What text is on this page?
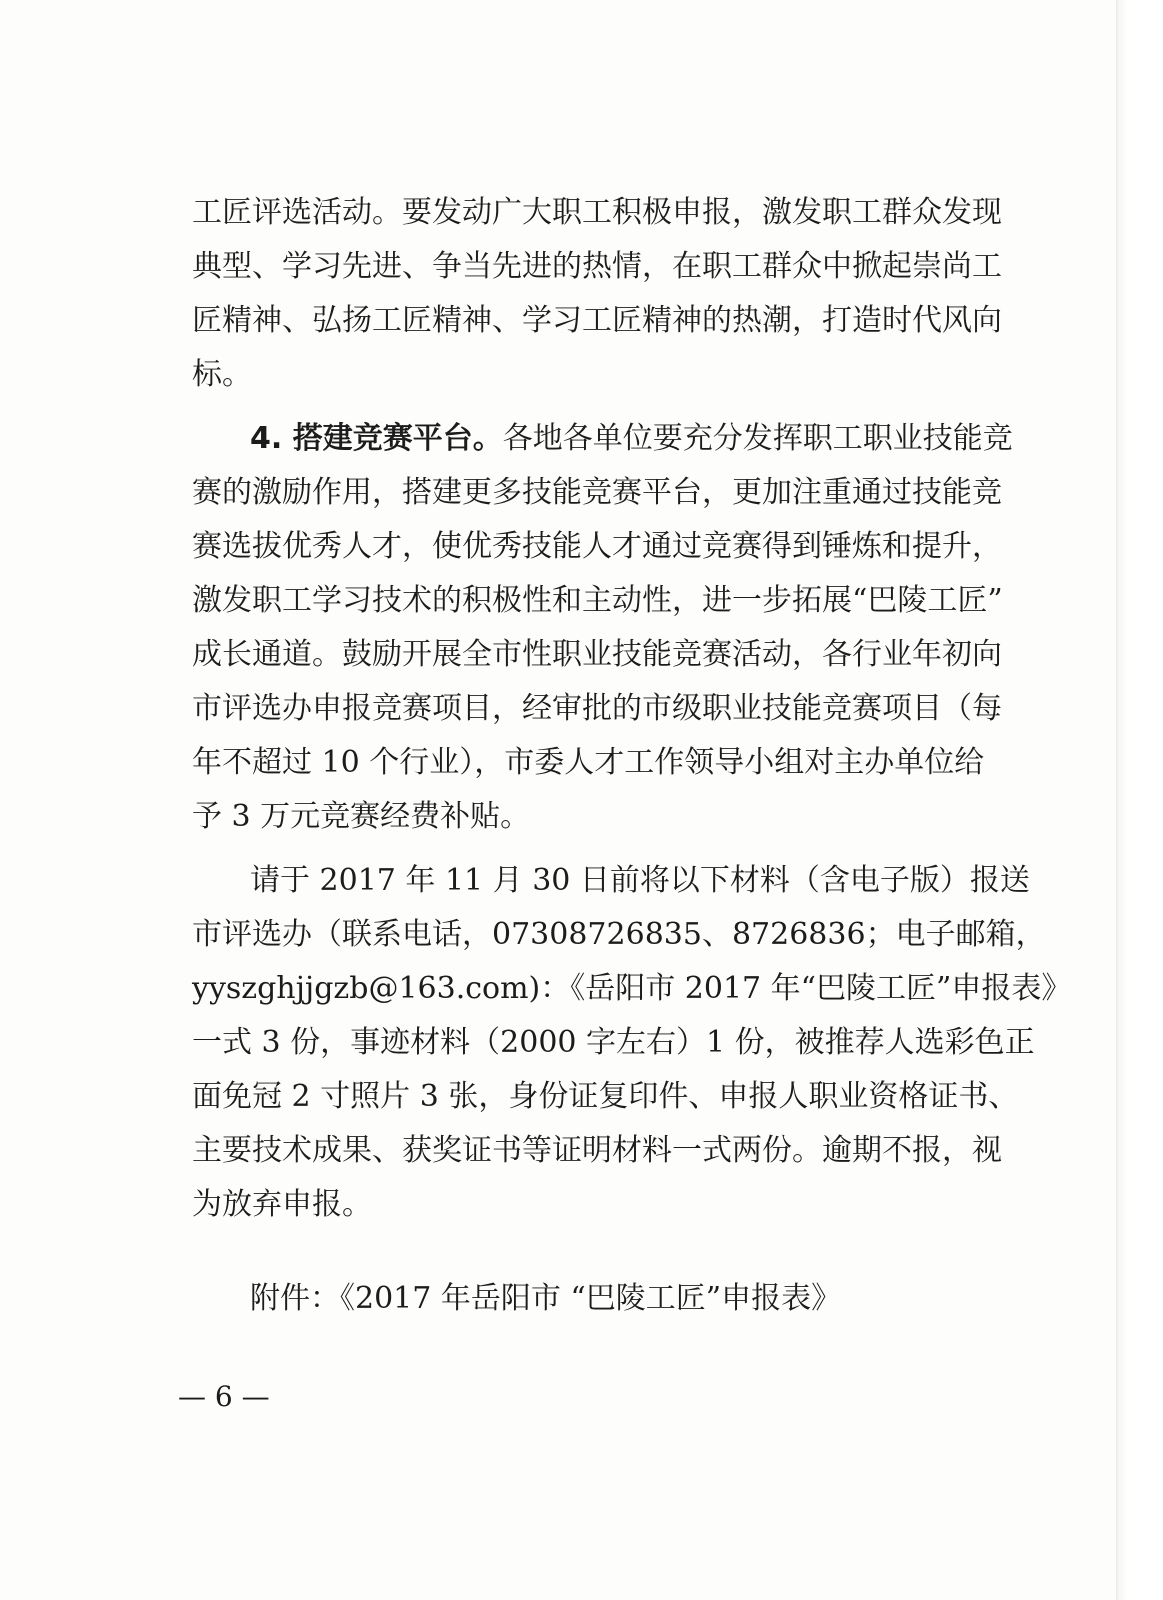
工匠评选活动。要发动广大职工积极申报，激发职工群众发现
典型、学习先进、争当先进的热情，在职工群众中掀起崇尚工
匠精神、弘扬工匠精神、学习工匠精神的热潮，打造时代风向
标。
4. 搭建竞赛平台。各地各单位要充分发挥职工职业技能竞
赛的激励作用，搭建更多技能竞赛平台，更加注重通过技能竞
赛选拔优秀人才，使优秀技能人才通过竞赛得到锤炼和提升，
激发职工学习技术的积极性和主动性，进一步拓展“巴陵工匠”
成长通道。鼓励开展全市性职业技能竞赛活动，各行业年初向
市评选办申报竞赛项目，经审批的市级职业技能竞赛项目（每
年不超过 10 个行业），市委人才工作领导小组对主办单位给
予 3 万元竞赛经费补贴。
请于 2017 年 11 月 30 日前将以下材料（含电子版）报送
市评选办（联系电话，07308726835、8726836；电子邮箱，
yyszghjjgzb@163.com)：《岳阳市 2017 年“巴陵工匠”申报表》
一式 3 份，事迹材料（2000 字左右）1 份，被推荐人选彩色正
面免冠 2 寸照片 3 张，身份证复印件、申报人职业资格证书、
主要技术成果、获奖证书等证明材料一式两份。逾期不报，视
为放弃申报。
附件：《2017 年岳阳市 “巴陵工匠”申报表》
— 6 —
